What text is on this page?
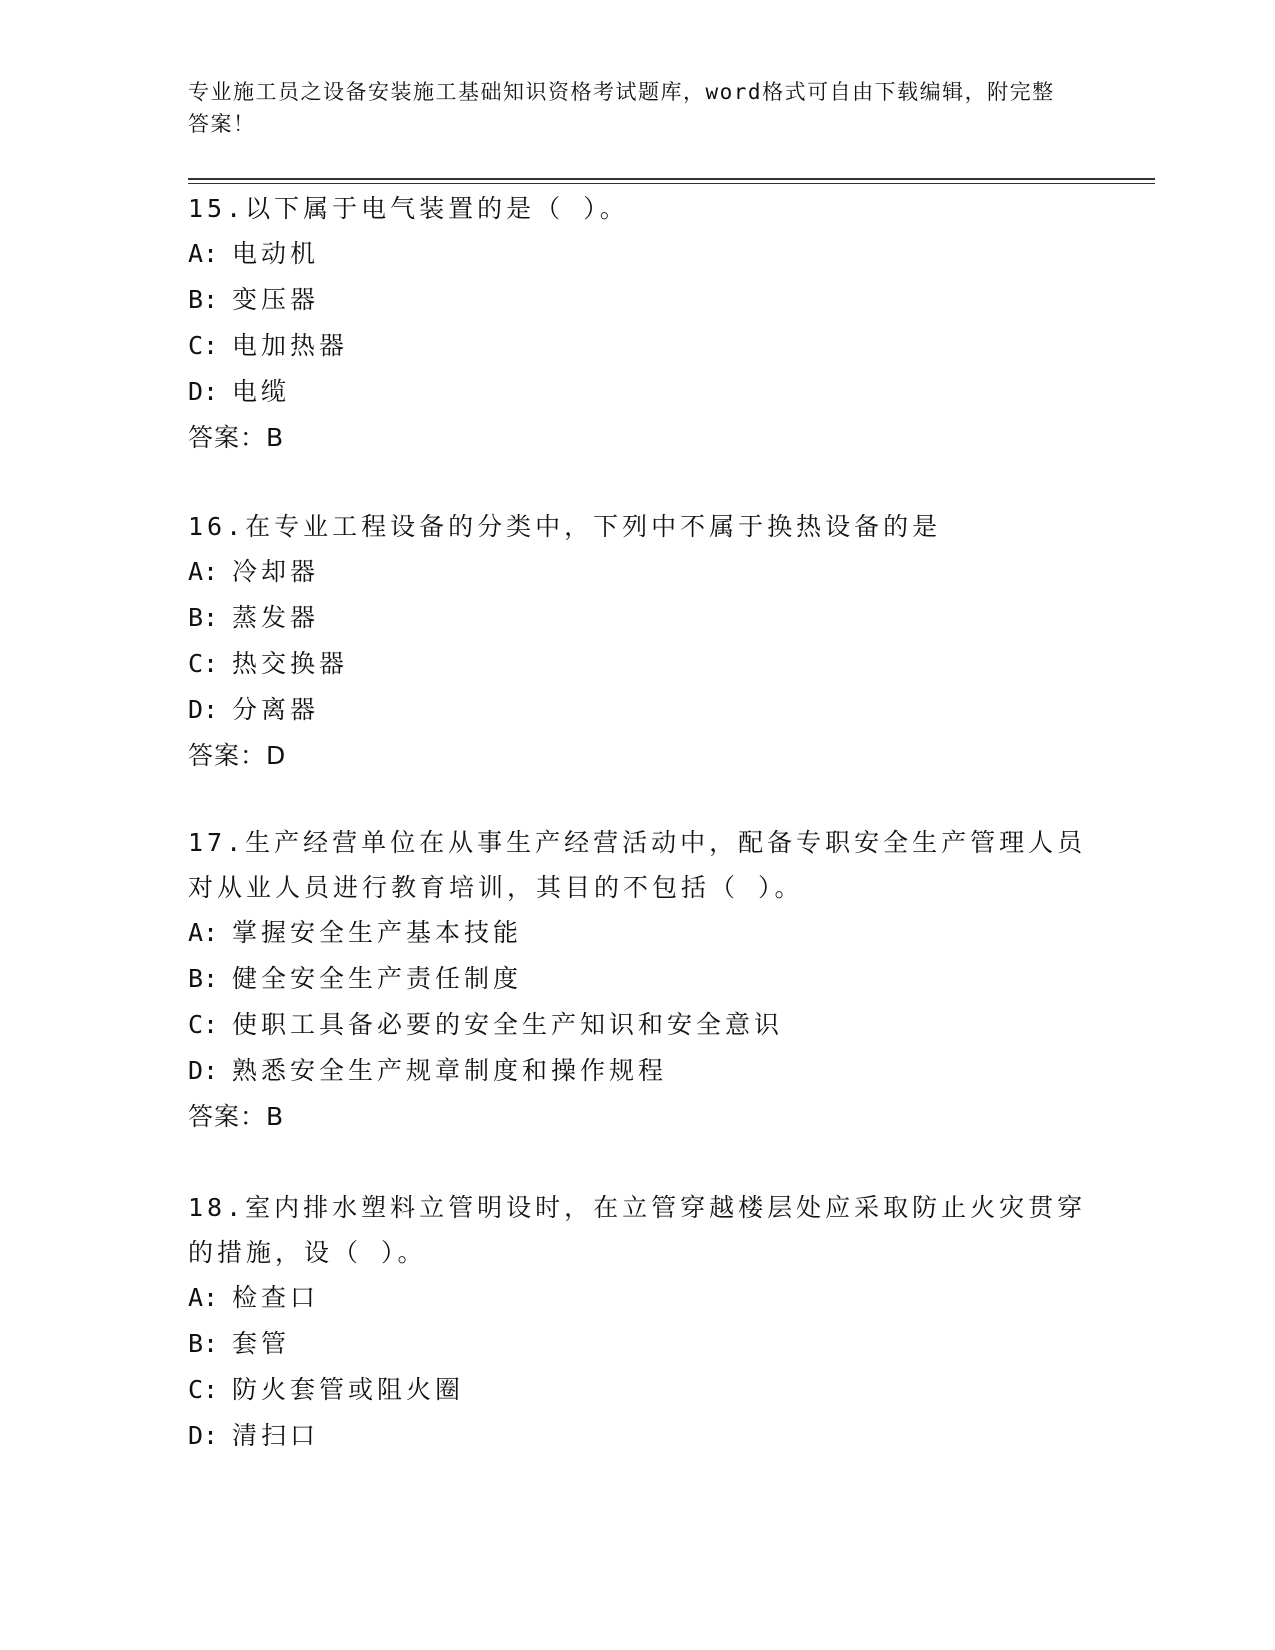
专业施工员之设备安装施工基础知识资格考试题库，word格式可自由下载编辑，附完整答案！
15.以下属于电气装置的是（ ）。
A: 电动机
B: 变压器
C: 电加热器
D: 电缆
答案：B
16.在专业工程设备的分类中，下列中不属于换热设备的是
A: 冷却器
B: 蒸发器
C: 热交换器
D: 分离器
答案：D
17.生产经营单位在从事生产经营活动中，配备专职安全生产管理人员对从业人员进行教育培训，其目的不包括（ ）。
A: 掌握安全生产基本技能
B: 健全安全生产责任制度
C: 使职工具备必要的安全生产知识和安全意识
D: 熟悉安全生产规章制度和操作规程
答案：B
18.室内排水塑料立管明设时，在立管穿越楼层处应采取防止火灾贯穿的措施，设（ ）。
A: 检查口
B: 套管
C: 防火套管或阻火圈
D: 清扫口
